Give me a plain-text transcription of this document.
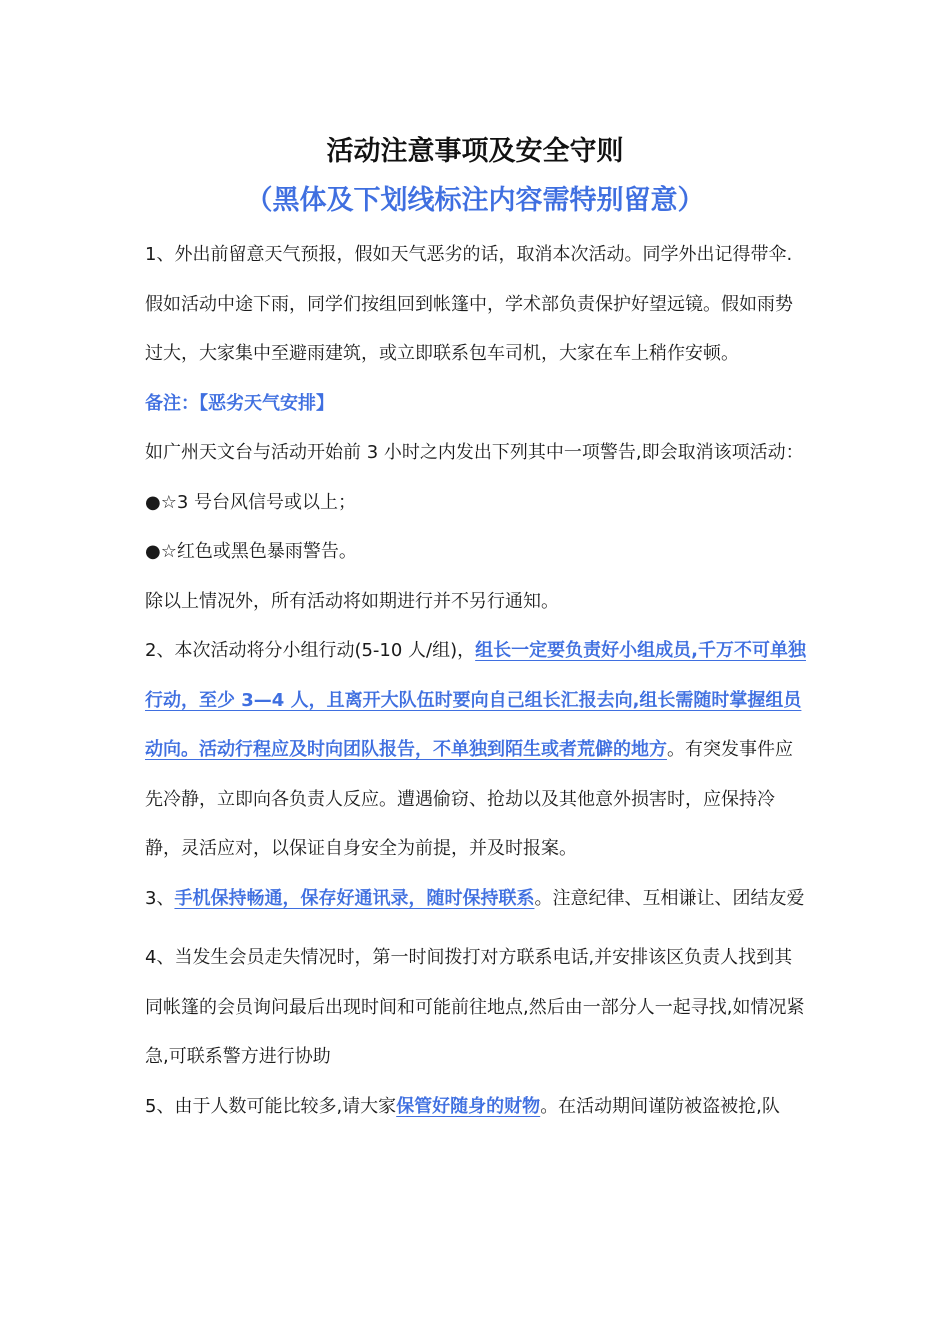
活动注意事项及安全守则
（黑体及下划线标注内容需特别留意）

1、外出前留意天气预报，假如天气恶劣的话，取消本次活动。同学外出记得带伞. 假如活动中途下雨，同学们按组回到帐篷中，学术部负责保护好望远镜。假如雨势过大，大家集中至避雨建筑，或立即联系包车司机，大家在车上稍作安顿。

备注：【恶劣天气安排】

如广州天文台与活动开始前 3 小时之内发出下列其中一项警告,即会取消该项活动：

●☆3 号台风信号或以上；

●☆红色或黑色暴雨警告。

除以上情况外，所有活动将如期进行并不另行通知。

2、本次活动将分小组行动(5-10 人/组)，组长一定要负责好小组成员,千万不可单独行动，至少 3—4 人，且离开大队伍时要向自己组长汇报去向,组长需随时掌握组员动向。活动行程应及时向团队报告，不单独到陌生或者荒僻的地方。有突发事件应先冷静，立即向各负责人反应。遭遇偷窃、抢劫以及其他意外损害时，应保持冷静，灵活应对，以保证自身安全为前提，并及时报案。

3、手机保持畅通，保存好通讯录，随时保持联系。注意纪律、互相谦让、团结友爱

4、当发生会员走失情况时，第一时间拨打对方联系电话,并安排该区负责人找到其同帐篷的会员询问最后出现时间和可能前往地点,然后由一部分人一起寻找,如情况紧急,可联系警方进行协助

5、由于人数可能比较多,请大家保管好随身的财物。在活动期间谨防被盗被抢,队
